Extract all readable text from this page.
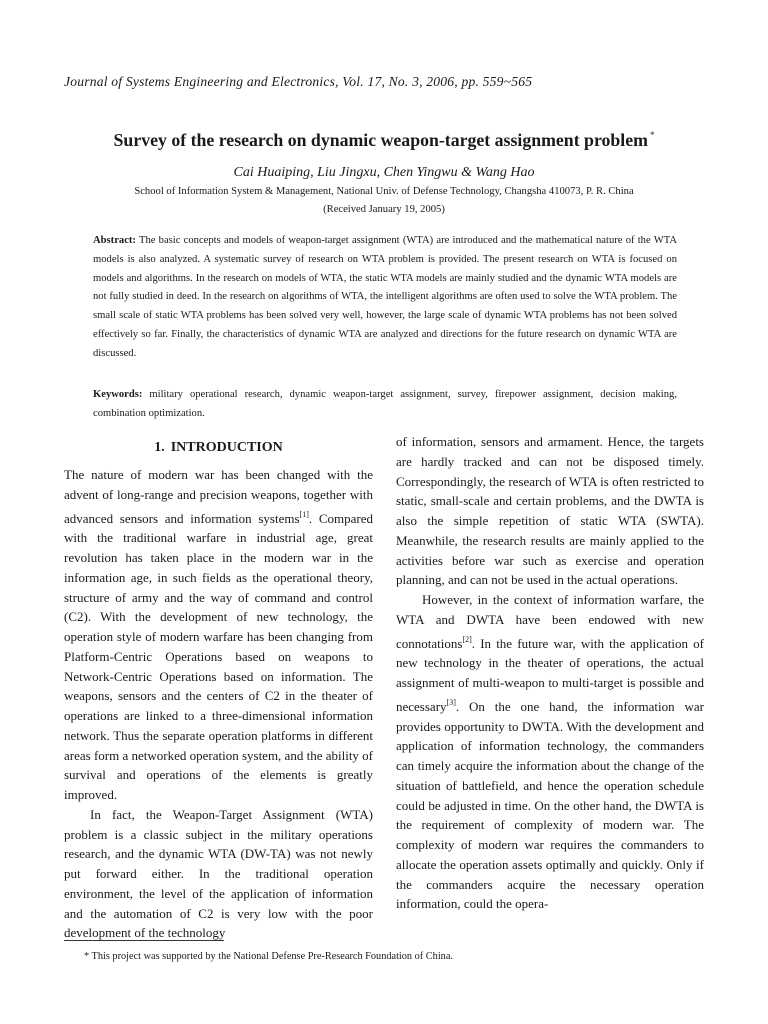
Journal of Systems Engineering and Electronics, Vol. 17, No. 3, 2006, pp. 559~565
Survey of the research on dynamic weapon-target assignment problem *
Cai Huaiping, Liu Jingxu, Chen Yingwu & Wang Hao
School of Information System & Management, National Univ. of Defense Technology, Changsha 410073, P. R. China
(Received January 19, 2005)
Abstract: The basic concepts and models of weapon-target assignment (WTA) are introduced and the mathematical nature of the WTA models is also analyzed. A systematic survey of research on WTA problem is provided. The present research on WTA is focused on models and algorithms. In the research on models of WTA, the static WTA models are mainly studied and the dynamic WTA models are not fully studied in deed. In the research on algorithms of WTA, the intelligent algorithms are often used to solve the WTA problem. The small scale of static WTA problems has been solved very well, however, the large scale of dynamic WTA problems has not been solved effectively so far. Finally, the characteristics of dynamic WTA are analyzed and directions for the future research on dynamic WTA are discussed.
Keywords: military operational research, dynamic weapon-target assignment, survey, firepower assignment, decision making, combination optimization.
1. INTRODUCTION

The nature of modern war has been changed with the advent of long-range and precision weapons, together with advanced sensors and information systems[1]. Compared with the traditional warfare in industrial age, great revolution has taken place in the modern war in the information age, in such fields as the operational theory, structure of army and the way of command and control (C2). With the development of new technology, the operation style of modern warfare has been changing from Platform-Centric Operations based on weapons to Network-Centric Operations based on information. The weapons, sensors and the centers of C2 in the theater of operations are linked to a three-dimensional information network. Thus the separate operation platforms in different areas form a networked operation system, and the ability of survival and operations of the elements is greatly improved.

In fact, the Weapon-Target Assignment (WTA) problem is a classic subject in the military operations research, and the dynamic WTA (DW-TA) was not newly put forward either. In the traditional operation environment, the level of the application of information and the automation of C2 is very low with the poor development of the technology

of information, sensors and armament. Hence, the targets are hardly tracked and can not be disposed timely. Correspondingly, the research of WTA is often restricted to static, small-scale and certain problems, and the DWTA is also the simple repetition of static WTA (SWTA). Meanwhile, the research results are mainly applied to the activities before war such as exercise and operation planning, and can not be used in the actual operations.

However, in the context of information warfare, the WTA and DWTA have been endowed with new connotations[2]. In the future war, with the application of new technology in the theater of operations, the actual assignment of multi-weapon to multi-target is possible and necessary[3]. On the one hand, the information war provides opportunity to DWTA. With the development and application of information technology, the commanders can timely acquire the information about the change of the situation of battlefield, and hence the operation schedule could be adjusted in time. On the other hand, the DWTA is the requirement of complexity of modern war. The complexity of modern war requires the commanders to allocate the operation assets optimally and quickly. Only if the commanders acquire the necessary operation information, could the opera-

* This project was supported by the National Defense Pre-Research Foundation of China.
